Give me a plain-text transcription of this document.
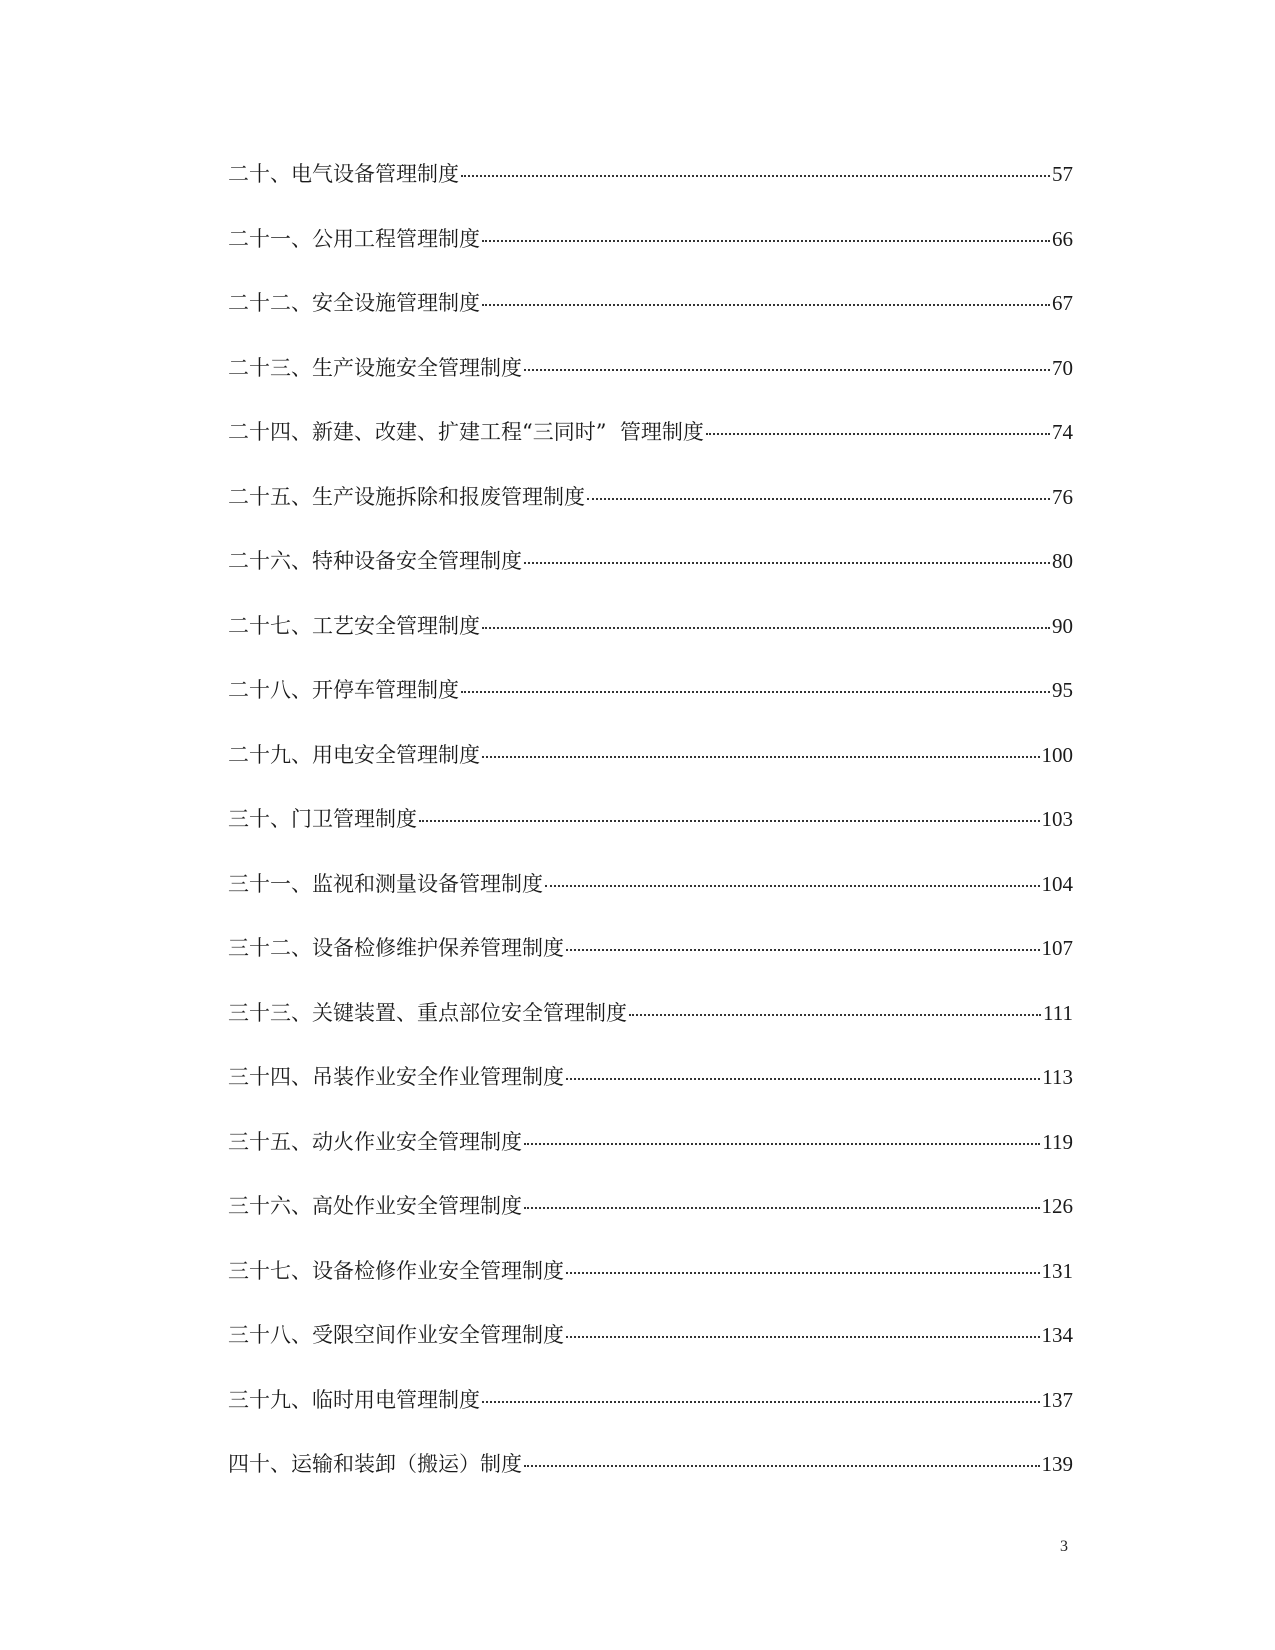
二十、电气设备管理制度	57
二十一、公用工程管理制度	66
二十二、安全设施管理制度	67
二十三、生产设施安全管理制度	70
二十四、新建、改建、扩建工程“三同时”  管理制度	74
二十五、生产设施拆除和报废管理制度	76
二十六、特种设备安全管理制度	80
二十七、工艺安全管理制度	90
二十八、开停车管理制度	95
二十九、用电安全管理制度	100
三十、门卫管理制度	103
三十一、监视和测量设备管理制度	104
三十二、设备检修维护保养管理制度	107
三十三、关键装置、重点部位安全管理制度	111
三十四、吊装作业安全作业管理制度	113
三十五、动火作业安全管理制度	119
三十六、高处作业安全管理制度	126
三十七、设备检修作业安全管理制度	131
三十八、受限空间作业安全管理制度	134
三十九、临时用电管理制度	137
四十、运输和装卸（搬运）制度	139
3
